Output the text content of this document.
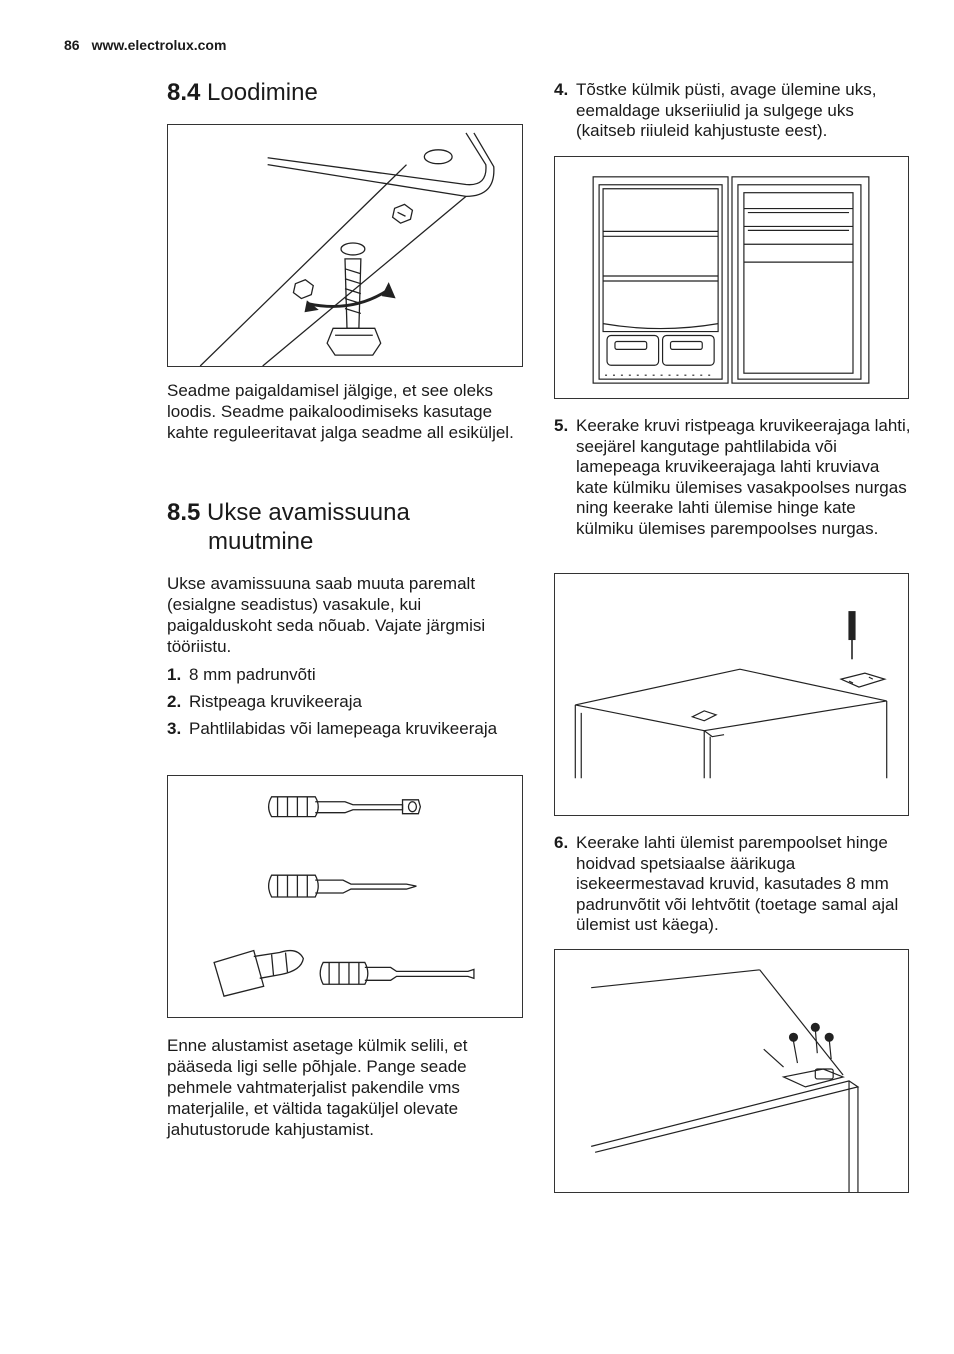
86 www.electrolux.com
8.4 Loodimine

Seadme paigaldamisel jälgige, et see oleks loodis. Seadme paikaloodimiseks kasutage kahte reguleeritavat jalga seadme all esiküljel.

8.5 Ukse avamissuuna
muutmine

Ukse avamissuuna saab muuta paremalt (esialgne seadistus) vasakule, kui paigalduskoht seda nõuab. Vajate järgmisi tööriistu.

1. 8 mm padrunvõti
2. Ristpeaga kruvikeeraja
3. Pahtlilabidas või lamepeaga kruvikeeraja

Enne alustamist asetage külmik selili, et pääseda ligi selle põhjale. Pange seade pehmele vahtmaterjalist pakendile vms materjalile, et vältida tagaküljel olevate jahutustorude kahjustamist.

4. Tõstke külmik püsti, avage ülemine uks, eemaldage ukseriiulid ja sulgege uks (kaitseb riiuleid kahjustuste eest).
5. Keerake kruvi ristpeaga kruvikeerajaga lahti, seejärel kangutage pahtlilabida või lamepeaga kruvikeerajaga lahti kruviava kate külmiku ülemises vasakpoolses nurgas ning keerake lahti ülemise hinge kate külmiku ülemises parempoolses nurgas.
6. Keerake lahti ülemist parempoolset hinge hoidvad spetsiaalse äärikuga isekeermestavad kruvid, kasutades 8 mm padrunvõtit või lehtvõtit (toetage samal ajal ülemist ust käega).
